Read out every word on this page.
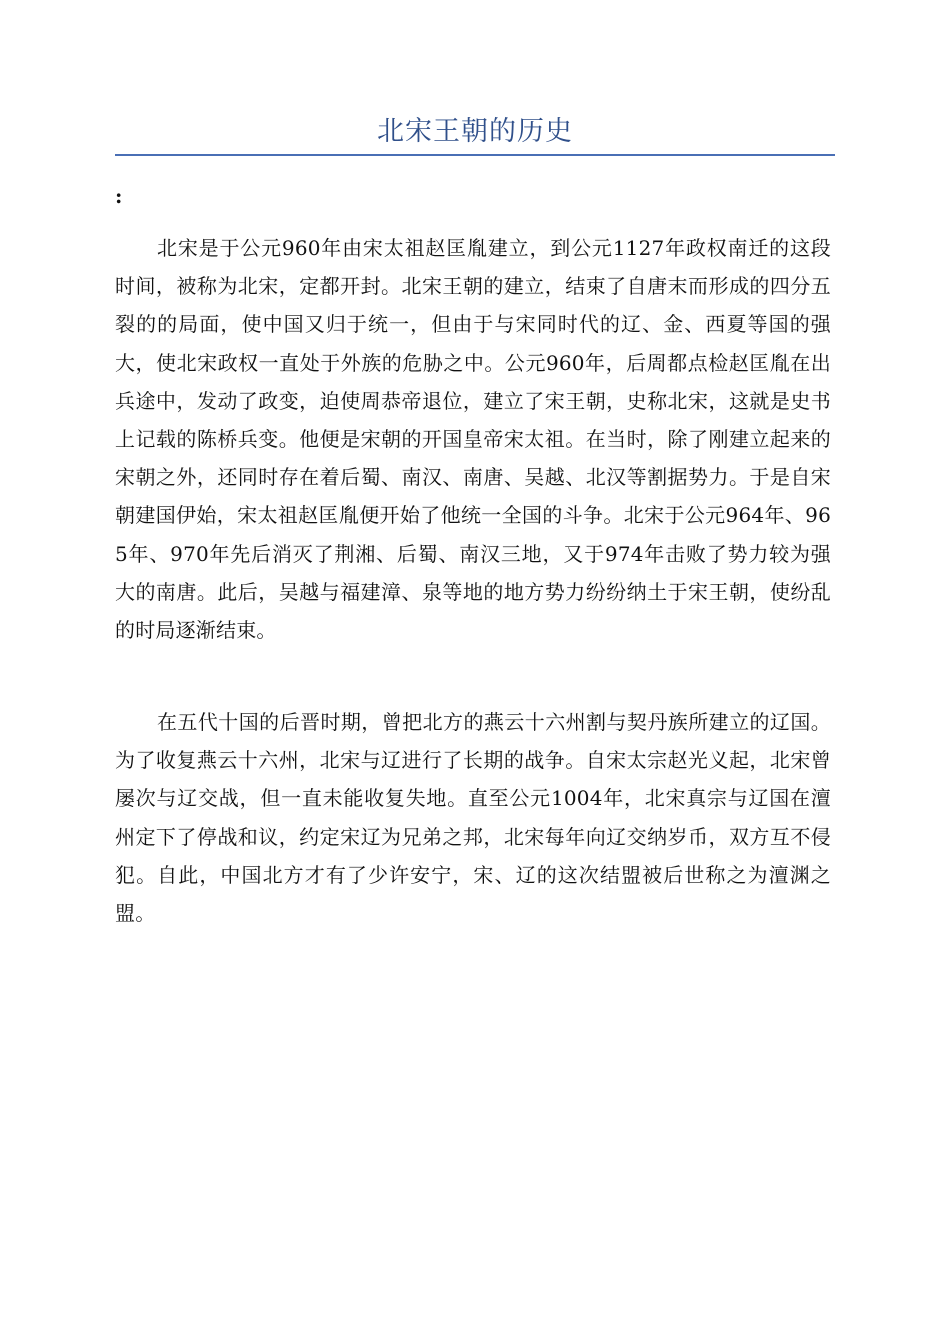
北宋王朝的历史
:

北宋是于公元960年由宋太祖赵匡胤建立，到公元1127年政权南迁的这段时间，被称为北宋，定都开封。北宋王朝的建立，结束了自唐末而形成的四分五裂的的局面，使中国又归于统一，但由于与宋同时代的辽、金、西夏等国的强大，使北宋政权一直处于外族的危胁之中。公元960年，后周都点检赵匡胤在出兵途中，发动了政变，迫使周恭帝退位，建立了宋王朝，史称北宋，这就是史书上记载的陈桥兵变。他便是宋朝的开国皇帝宋太祖。在当时，除了刚建立起来的宋朝之外，还同时存在着后蜀、南汉、南唐、吴越、北汉等割据势力。于是自宋朝建国伊始，宋太祖赵匡胤便开始了他统一全国的斗争。北宋于公元964年、965年、970年先后消灭了荆湘、后蜀、南汉三地，又于974年击败了势力较为强大的南唐。此后，吴越与福建漳、泉等地的地方势力纷纷纳土于宋王朝，使纷乱的时局逐渐结束。

在五代十国的后晋时期，曾把北方的燕云十六州割与契丹族所建立的辽国。为了收复燕云十六州，北宋与辽进行了长期的战争。自宋太宗赵光义起，北宋曾屡次与辽交战，但一直未能收复失地。直至公元1004年，北宋真宗与辽国在澶州定下了停战和议，约定宋辽为兄弟之邦，北宋每年向辽交纳岁币，双方互不侵犯。自此，中国北方才有了少许安宁，宋、辽的这次结盟被后世称之为澶渊之盟。
